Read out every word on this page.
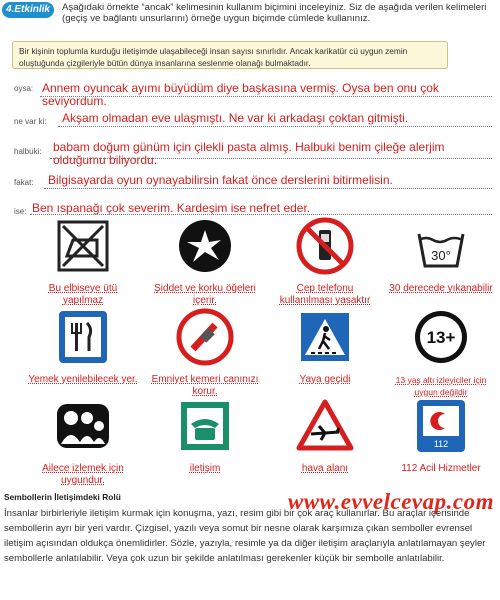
4.Etkinlik	Aşağıdaki örnekte “ancak” kelimesinin kullanım biçimini inceleyiniz. Siz de aşağıda verilen kelimeleri (geçiş ve bağlantı unsurlarını) örneğe uygun biçimde cümlede kullanınız.
Bir kişinin toplumla kurduğu iletişimde ulaşabileceği insan sayısı sınırlıdır. Ancak karikatür cü uygun zemin oluştuğunda çizgileriyle bütün dünya insanlarına seslenme olanağı bulmaktadır.
oysa: Annem oyuncak ayımı büyüdüm diye başkasına vermiş. Oysa ben onu çok seviyordum.
ne var ki: Akşam olmadan eve ulaşmıştı. Ne var ki arkadaşı çoktan gitmişti.
halbuki: babam doğum günüm için çilekli pasta almış. Halbuki benim çileğe alerjim olduğumu biliyordu.
fakat: Bilgisayarda oyun oynayabilirsin fakat önce derslerini bitirmelisin.
ise: Ben ıspanağı çok severim. Kardeşim ise nefret eder.
Bu elbiseye ütü yapılmaz
Şiddet ve korku öğeleri içerir.
Cep telefonu kullanılması yasaktır
30°
30 derecede yıkanabilir
Yemek yenilebilecek yer. Emniyet kemeri canınızı korur.
Yaya geçidi
13+
13 yaş altı izleyiciler için uygun değildir
Ailece izlemek için uygundur.
iletişim	hava alanı
112
112 Acil Hizmetler
www.evvelcevap.com
Sembollerin İletişimdeki Rolü
İnsanlar birbirleriyle iletişim kurmak için konuşma, yazı, resim gibi bir çok araç kullanırlar. Bu araçlar içerisinde sembollerin ayrı bir yeri vardır. Çizgisel, yazılı veya somut bir nesne olarak karşımıza çıkan semboller evrensel iletişim açısından oldukça önemlidirler. Sözle, yazıyla, resimle ya da diğer iletişim araçlarıyla anlatılamayan şeyler sembollerle anlatılabilir. Veya çok uzun bir şekilde anlatılması gerekenler küçük bir sembolle anlatılabilir.
